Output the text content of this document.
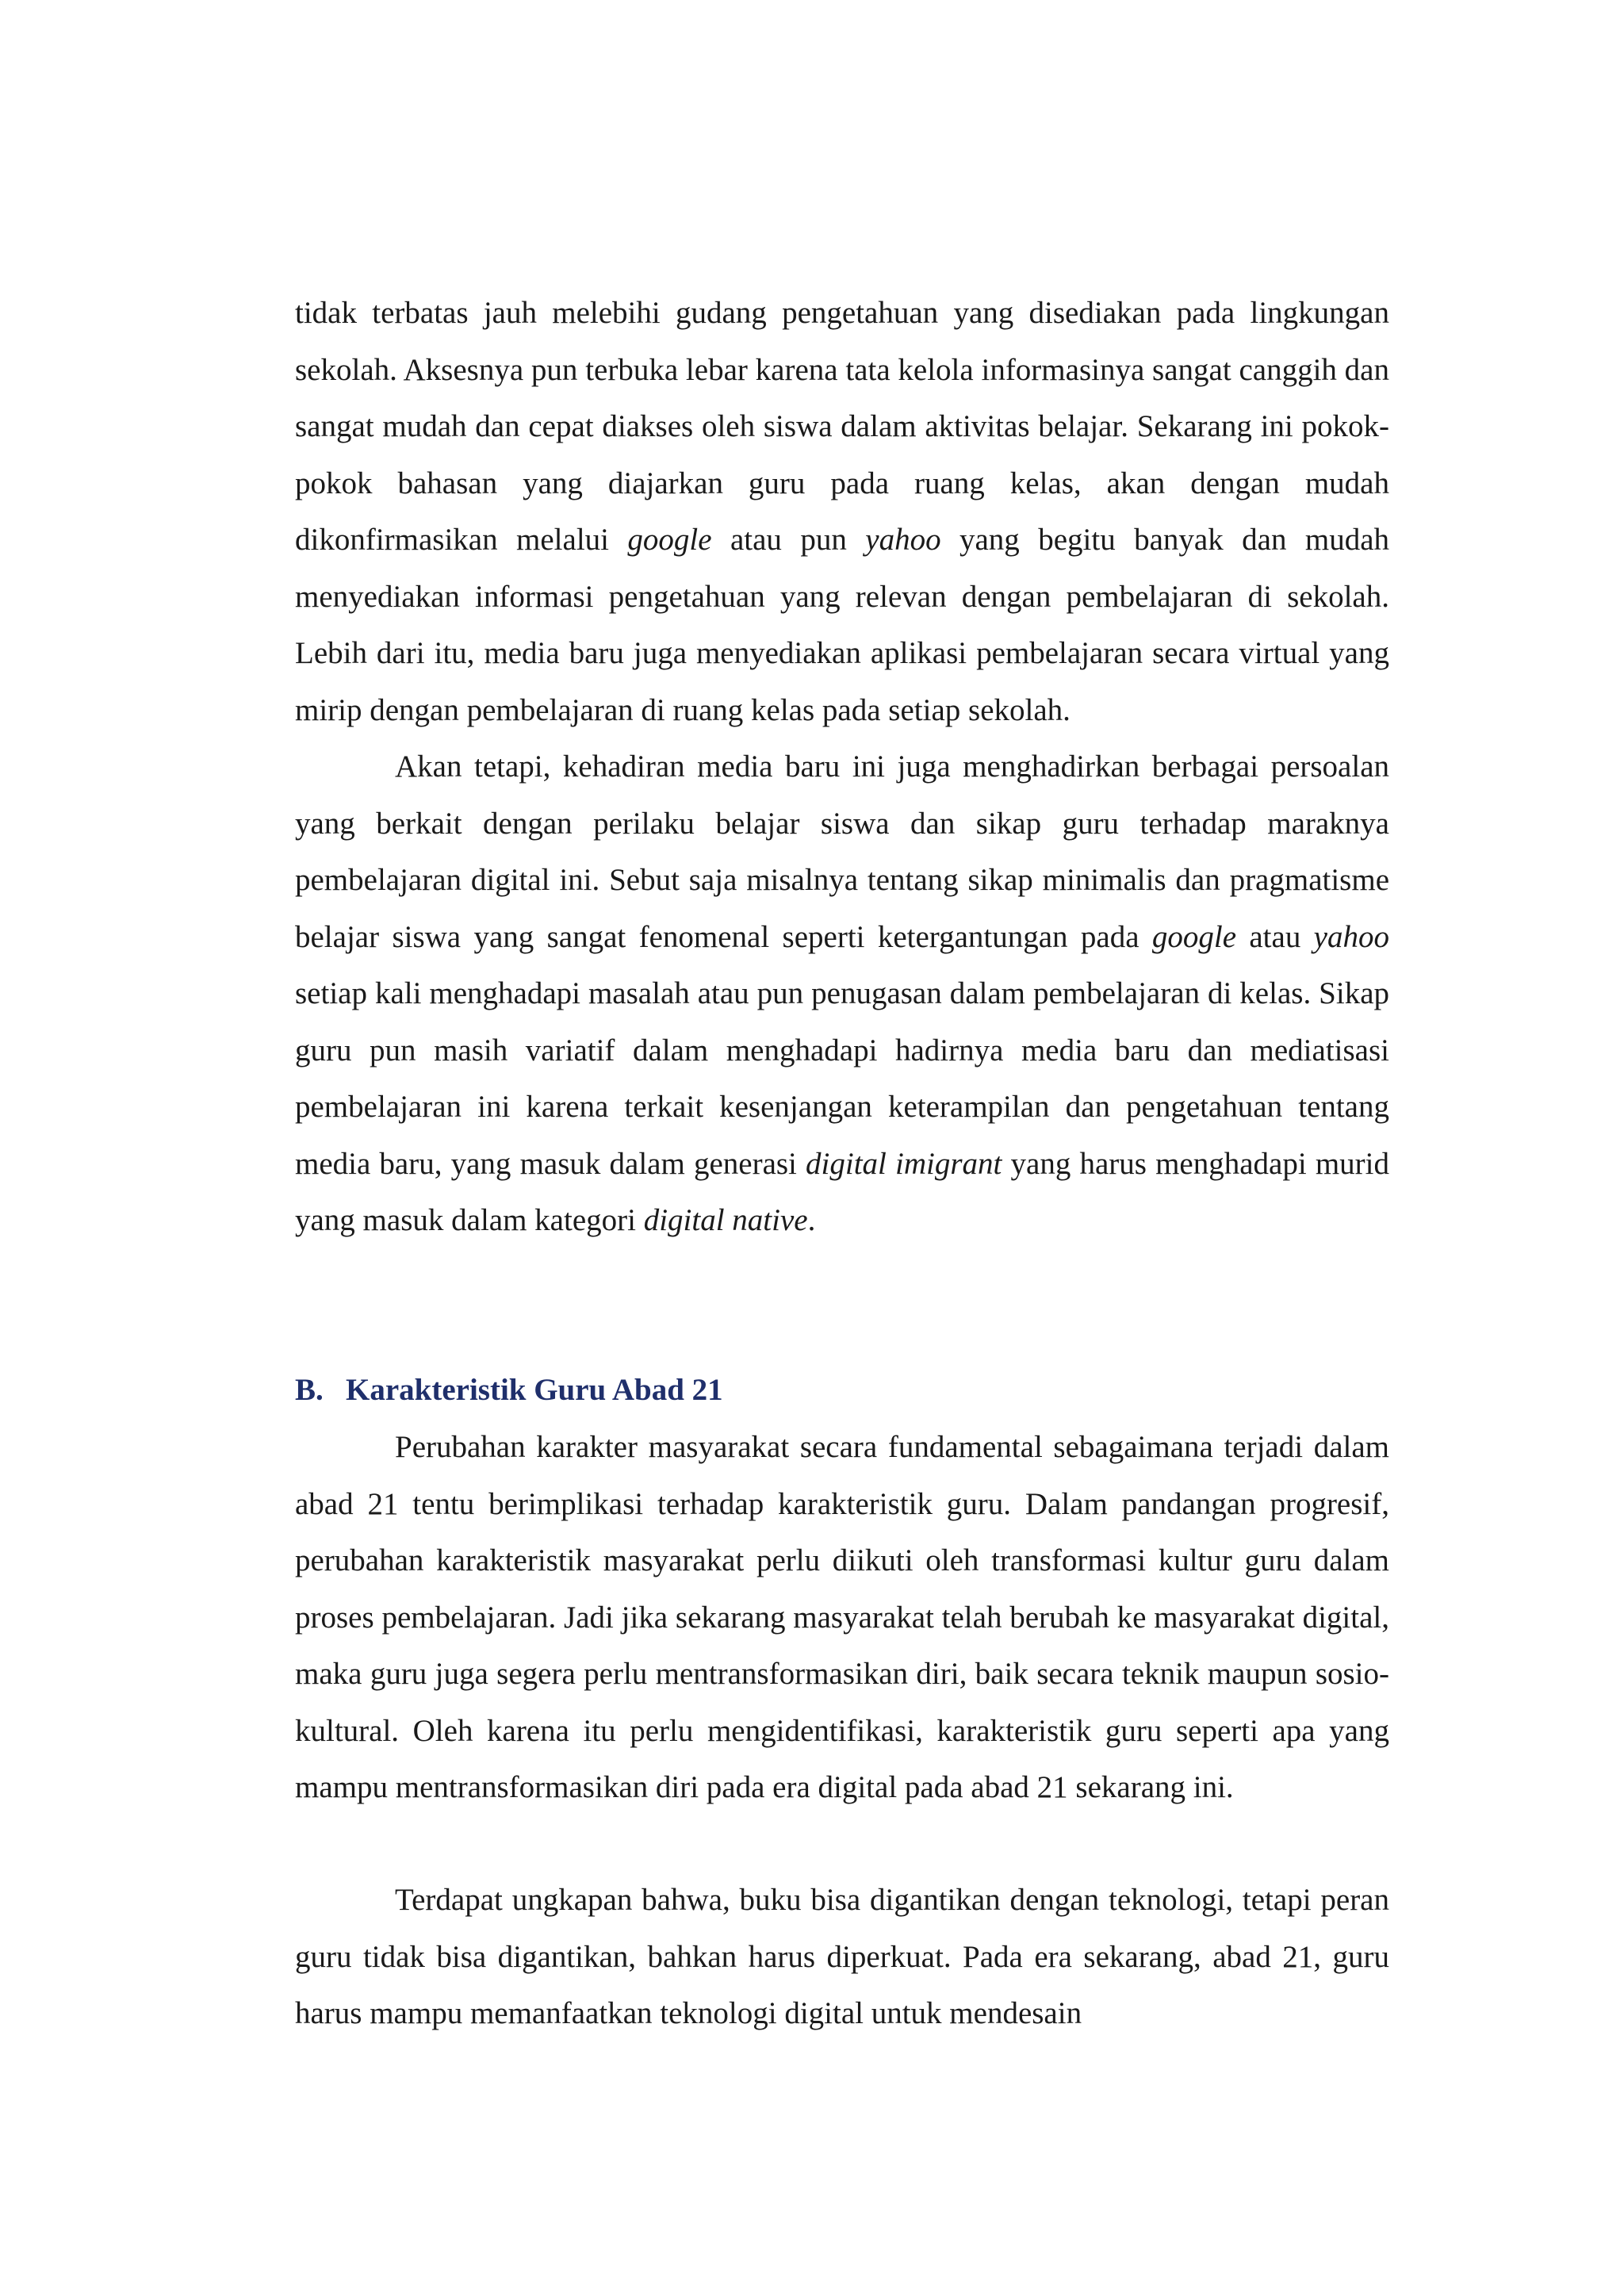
tidak terbatas jauh melebihi gudang pengetahuan yang disediakan pada lingkungan sekolah. Aksesnya pun terbuka lebar karena tata kelola informasinya sangat canggih dan sangat mudah dan cepat diakses oleh siswa dalam aktivitas belajar. Sekarang ini pokok-pokok bahasan yang diajarkan guru pada ruang kelas, akan dengan mudah dikonfirmasikan melalui google atau pun yahoo yang begitu banyak dan mudah menyediakan informasi pengetahuan yang relevan dengan pembelajaran di sekolah. Lebih dari itu, media baru juga menyediakan aplikasi pembelajaran secara virtual yang mirip dengan pembelajaran di ruang kelas pada setiap sekolah.

Akan tetapi, kehadiran media baru ini juga menghadirkan berbagai persoalan yang berkait dengan perilaku belajar siswa dan sikap guru terhadap maraknya pembelajaran digital ini. Sebut saja misalnya tentang sikap minimalis dan pragmatisme belajar siswa yang sangat fenomenal seperti ketergantungan pada google atau yahoo setiap kali menghadapi masalah atau pun penugasan dalam pembelajaran di kelas. Sikap guru pun masih variatif dalam menghadapi hadirnya media baru dan mediatisasi pembelajaran ini karena terkait kesenjangan keterampilan dan pengetahuan tentang media baru, yang masuk dalam generasi digital imigrant yang harus menghadapi murid yang masuk dalam kategori digital native.

B. Karakteristik Guru Abad 21

Perubahan karakter masyarakat secara fundamental sebagaimana terjadi dalam abad 21 tentu berimplikasi terhadap karakteristik guru. Dalam pandangan progresif, perubahan karakteristik masyarakat perlu diikuti oleh transformasi kultur guru dalam proses pembelajaran. Jadi jika sekarang masyarakat telah berubah ke masyarakat digital, maka guru juga segera perlu mentransformasikan diri, baik secara teknik maupun sosio-kultural. Oleh karena itu perlu mengidentifikasi, karakteristik guru seperti apa yang mampu mentransformasikan diri pada era digital pada abad 21 sekarang ini.

Terdapat ungkapan bahwa, buku bisa digantikan dengan teknologi, tetapi peran guru tidak bisa digantikan, bahkan harus diperkuat. Pada era sekarang, abad 21, guru harus mampu memanfaatkan teknologi digital untuk mendesain
